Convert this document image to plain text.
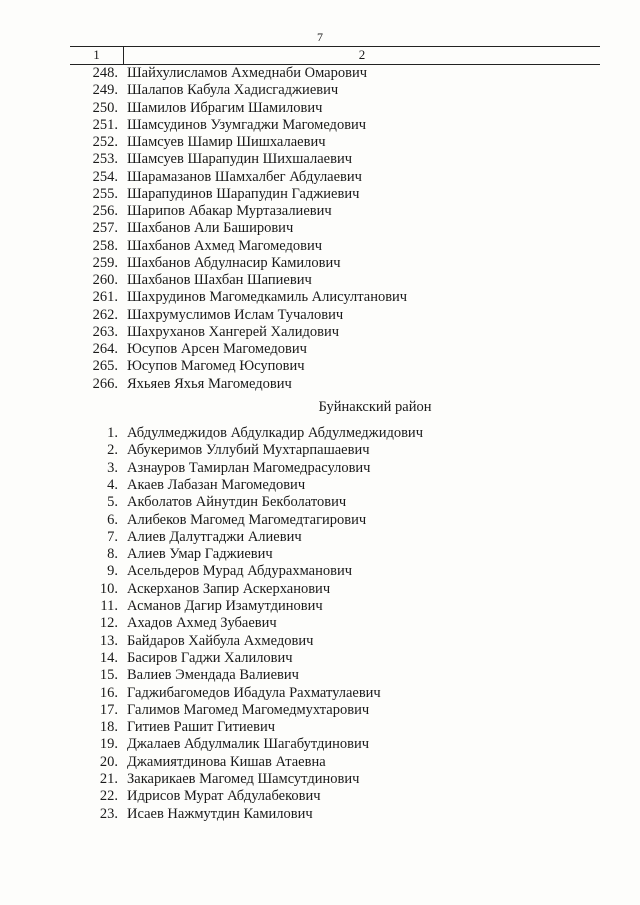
7
1	2
248. Шайхулисламов Ахмеднаби Омарович
249. Шалапов Кабула Хадисгаджиевич
250. Шамилов Ибрагим Шамилович
251. Шамсудинов Узумгаджи Магомедович
252. Шамсуев Шамир Шишхалаевич
253. Шамсуев Шарапудин Шихшалаевич
254. Шарамазанов Шамхалбег Абдулаевич
255. Шарапудинов Шарапудин Гаджиевич
256. Шарипов Абакар Муртазалиевич
257. Шахбанов Али Баширович
258. Шахбанов Ахмед Магомедович
259. Шахбанов Абдулнасир Камилович
260. Шахбанов Шахбан Шапиевич
261. Шахрудинов Магомедкамиль Алисултанович
262. Шахрумуслимов Ислам Тучалович
263. Шахруханов Хангерей Халидович
264. Юсупов Арсен Магомедович
265. Юсупов Магомед Юсупович
266. Яхьяев Яхья Магомедович
Буйнакский район
1. Абдулмеджидов Абдулкадир Абдулмеджидович
2. Абукеримов Уллубий Мухтарпашаевич
3. Азнауров Тамирлан Магомедрасулович
4. Акаев Лабазан Магомедович
5. Акболатов Айнутдин Бекболатович
6. Алибеков Магомед Магомедтагирович
7. Алиев Далутгаджи Алиевич
8. Алиев Умар Гаджиевич
9. Асельдеров Мурад Абдурахманович
10. Аскерханов Запир Аскерханович
11. Асманов Дагир Изамутдинович
12. Ахадов Ахмед Зубаевич
13. Байдаров Хайбула Ахмедович
14. Басиров Гаджи Халилович
15. Валиев Эмендада Валиевич
16. Гаджибагомедов Ибадула Рахматулаевич
17. Галимов Магомед Магомедмухтарович
18. Гитиев Рашит Гитиевич
19. Джалаев Абдулмалик Шагабутдинович
20. Джамиятдинова Кишав Атаевна
21. Закарикаев Магомед Шамсутдинович
22. Идрисов Мурат Абдулабекович
23. Исаев Нажмутдин Камилович
